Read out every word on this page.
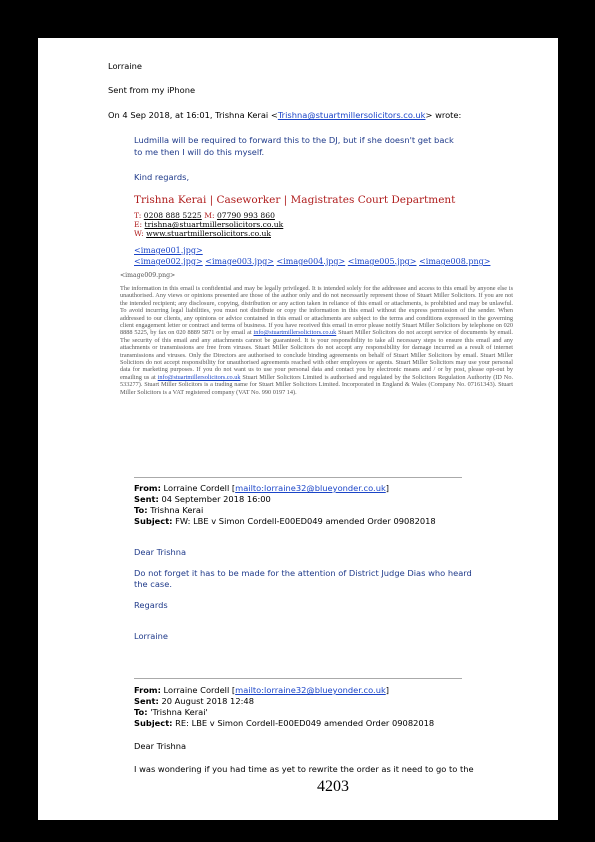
Lorraine
Sent from my iPhone
On 4 Sep 2018, at 16:01, Trishna Kerai <Trishna@stuartmillersolicitors.co.uk> wrote:
Ludmilla will be required to forward this to the DJ, but if she doesn't get back
to me then I will do this myself.
Kind regards,
Trishna Kerai | Caseworker | Magistrates Court Department
T: 0208 888 5225 M: 07790 993 860
E: trishna@stuartmillersolicitors.co.uk
W: www.stuartmillersolicitors.co.uk
<image001.jpg>
<image002.jpg> <image003.jpg> <image004.jpg> <image005.jpg> <image008.png>
<image009.png>
The information in this email is confidential and may be legally privileged. It is intended solely for the addressee and access to this email by anyone else is unauthorised. Any views or opinions presented are those of the author only and do not necessarily represent those of Stuart Miller Solicitors. If you are not the intended recipient; any disclosure, copying, distribution or any action taken in reliance of this email or attachments, is prohibited and may be unlawful. To avoid incurring legal liabilities, you must not distribute or copy the information in this email without the express permission of the sender. When addressed to our clients, any opinions or advice contained in this email or attachments are subject to the terms and conditions expressed in the governing client engagement letter or contract and terms of business. If you have received this email in error please notify Stuart Miller Solicitors by telephone on 020 8888 5225, by fax on 020 8889 5871 or by email at info@stuartmillersolicitors.co.uk Stuart Miller Solicitors do not accept service of documents by email. The security of this email and any attachments cannot be guaranteed. It is your responsibility to take all necessary steps to ensure this email and any attachments or transmissions are free from viruses. Stuart Miller Solicitors do not accept any responsibility for damage incurred as a result of internet transmissions and viruses. Only the Directors are authorised to conclude binding agreements on behalf of Stuart Miller Solicitors by email. Stuart Miller Solicitors do not accept responsibility for unauthorised agreements reached with other employees or agents. Stuart Miller Solicitors may use your personal data for marketing purposes. If you do not want us to use your personal data and contact you by electronic means and / or by post, please opt-out by emailing us at info@stuartmillersolicitors.co.uk Stuart Miller Solicitors Limited is authorised and regulated by the Solicitors Regulation Authority (ID No. 533277). Stuart Miller Solicitors is a trading name for Stuart Miller Solicitors Limited. Incorporated in England & Wales (Company No. 07161343). Stuart Miller Solicitors is a VAT registered company (VAT No. 990 0197 14).
From: Lorraine Cordell [mailto:lorraine32@blueyonder.co.uk]
Sent: 04 September 2018 16:00
To: Trishna Kerai
Subject: FW: LBE v Simon Cordell-E00ED049 amended Order 09082018
Dear Trishna
Do not forget it has to be made for the attention of District Judge Dias who heard
the case.
Regards
Lorraine
From: Lorraine Cordell [mailto:lorraine32@blueyonder.co.uk]
Sent: 20 August 2018 12:48
To: 'Trishna Kerai'
Subject: RE: LBE v Simon Cordell-E00ED049 amended Order 09082018
Dear Trishna
I was wondering if you had time as yet to rewrite the order as it need to go to the
4203
